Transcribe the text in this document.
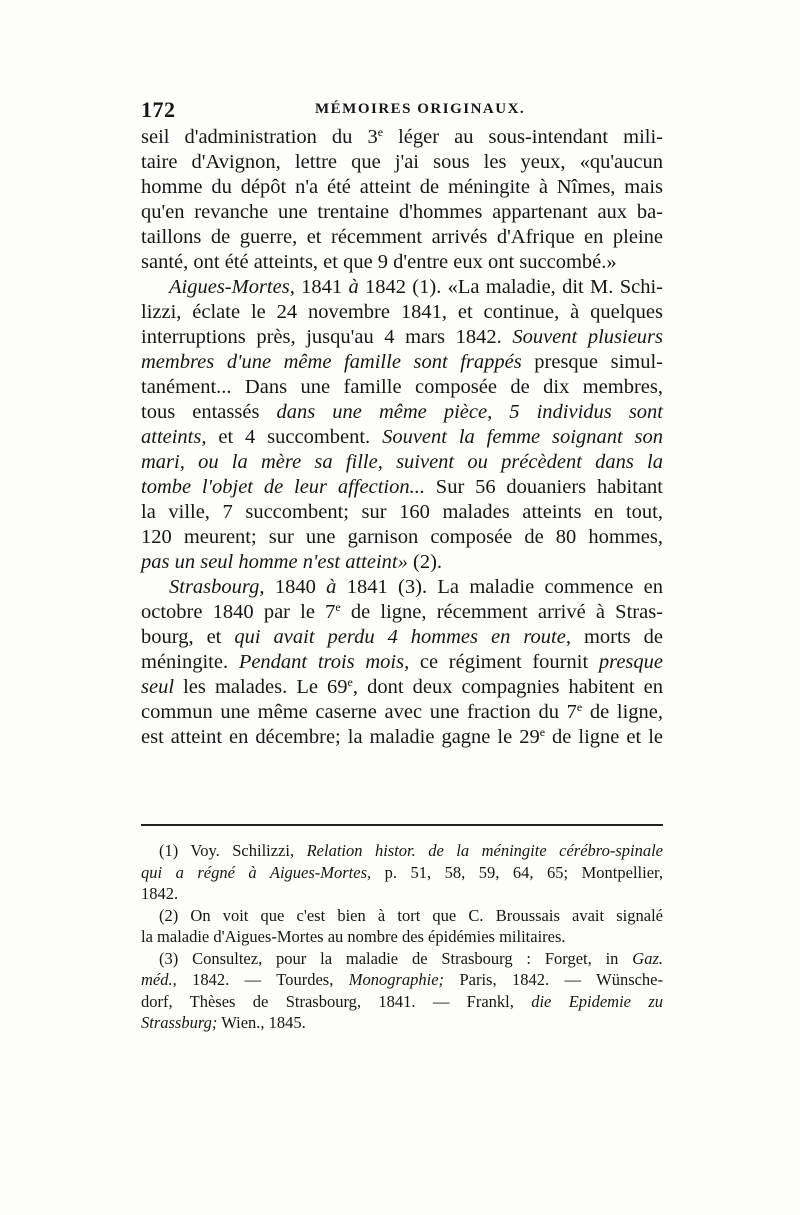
172	MÉMOIRES ORIGINAUX.
seil d'administration du 3e léger au sous-intendant mili-
taire d'Avignon, lettre que j'ai sous les yeux, «qu'aucun
homme du dépôt n'a été atteint de méningite à Nîmes, mais
qu'en revanche une trentaine d'hommes appartenant aux ba-
taillons de guerre, et récemment arrivés d'Afrique en pleine
santé, ont été atteints, et que 9 d'entre eux ont succombé.»
Aigues-Mortes, 1841 à 1842 (1). «La maladie, dit M. Schi-
lizzi, éclate le 24 novembre 1841, et continue, à quelques
interruptions près, jusqu'au 4 mars 1842. Souvent plusieurs
membres d'une même famille sont frappés presque simul-
tanément... Dans une famille composée de dix membres,
tous entassés dans une même pièce, 5 individus sont
atteints, et 4 succombent. Souvent la femme soignant son
mari, ou la mère sa fille, suivent ou précèdent dans la
tombe l'objet de leur affection... Sur 56 douaniers habitant
la ville, 7 succombent; sur 160 malades atteints en tout,
120 meurent; sur une garnison composée de 80 hommes,
pas un seul homme n'est atteint» (2).
Strasbourg, 1840 à 1841 (3). La maladie commence en
octobre 1840 par le 7e de ligne, récemment arrivé à Stras-
bourg, et qui avait perdu 4 hommes en route, morts de
méningite. Pendant trois mois, ce régiment fournit presque
seul les malades. Le 69e, dont deux compagnies habitent en
commun une même caserne avec une fraction du 7e de ligne,
est atteint en décembre; la maladie gagne le 29e de ligne et le
(1) Voy. Schilizzi, Relation histor. de la méningite cérébro-spinale
qui a régné à Aigues-Mortes, p. 51, 58, 59, 64, 65; Montpellier,
1842.
(2) On voit que c'est bien à tort que C. Broussais avait signalé
la maladie d'Aigues-Mortes au nombre des épidémies militaires.
(3) Consultez, pour la maladie de Strasbourg : Forget, in Gaz.
méd., 1842. — Tourdes, Monographie; Paris, 1842. — Wünsche-
dorf, Thèses de Strasbourg, 1841. — Frankl, die Epidemie zu
Strassburg; Wien., 1845.
